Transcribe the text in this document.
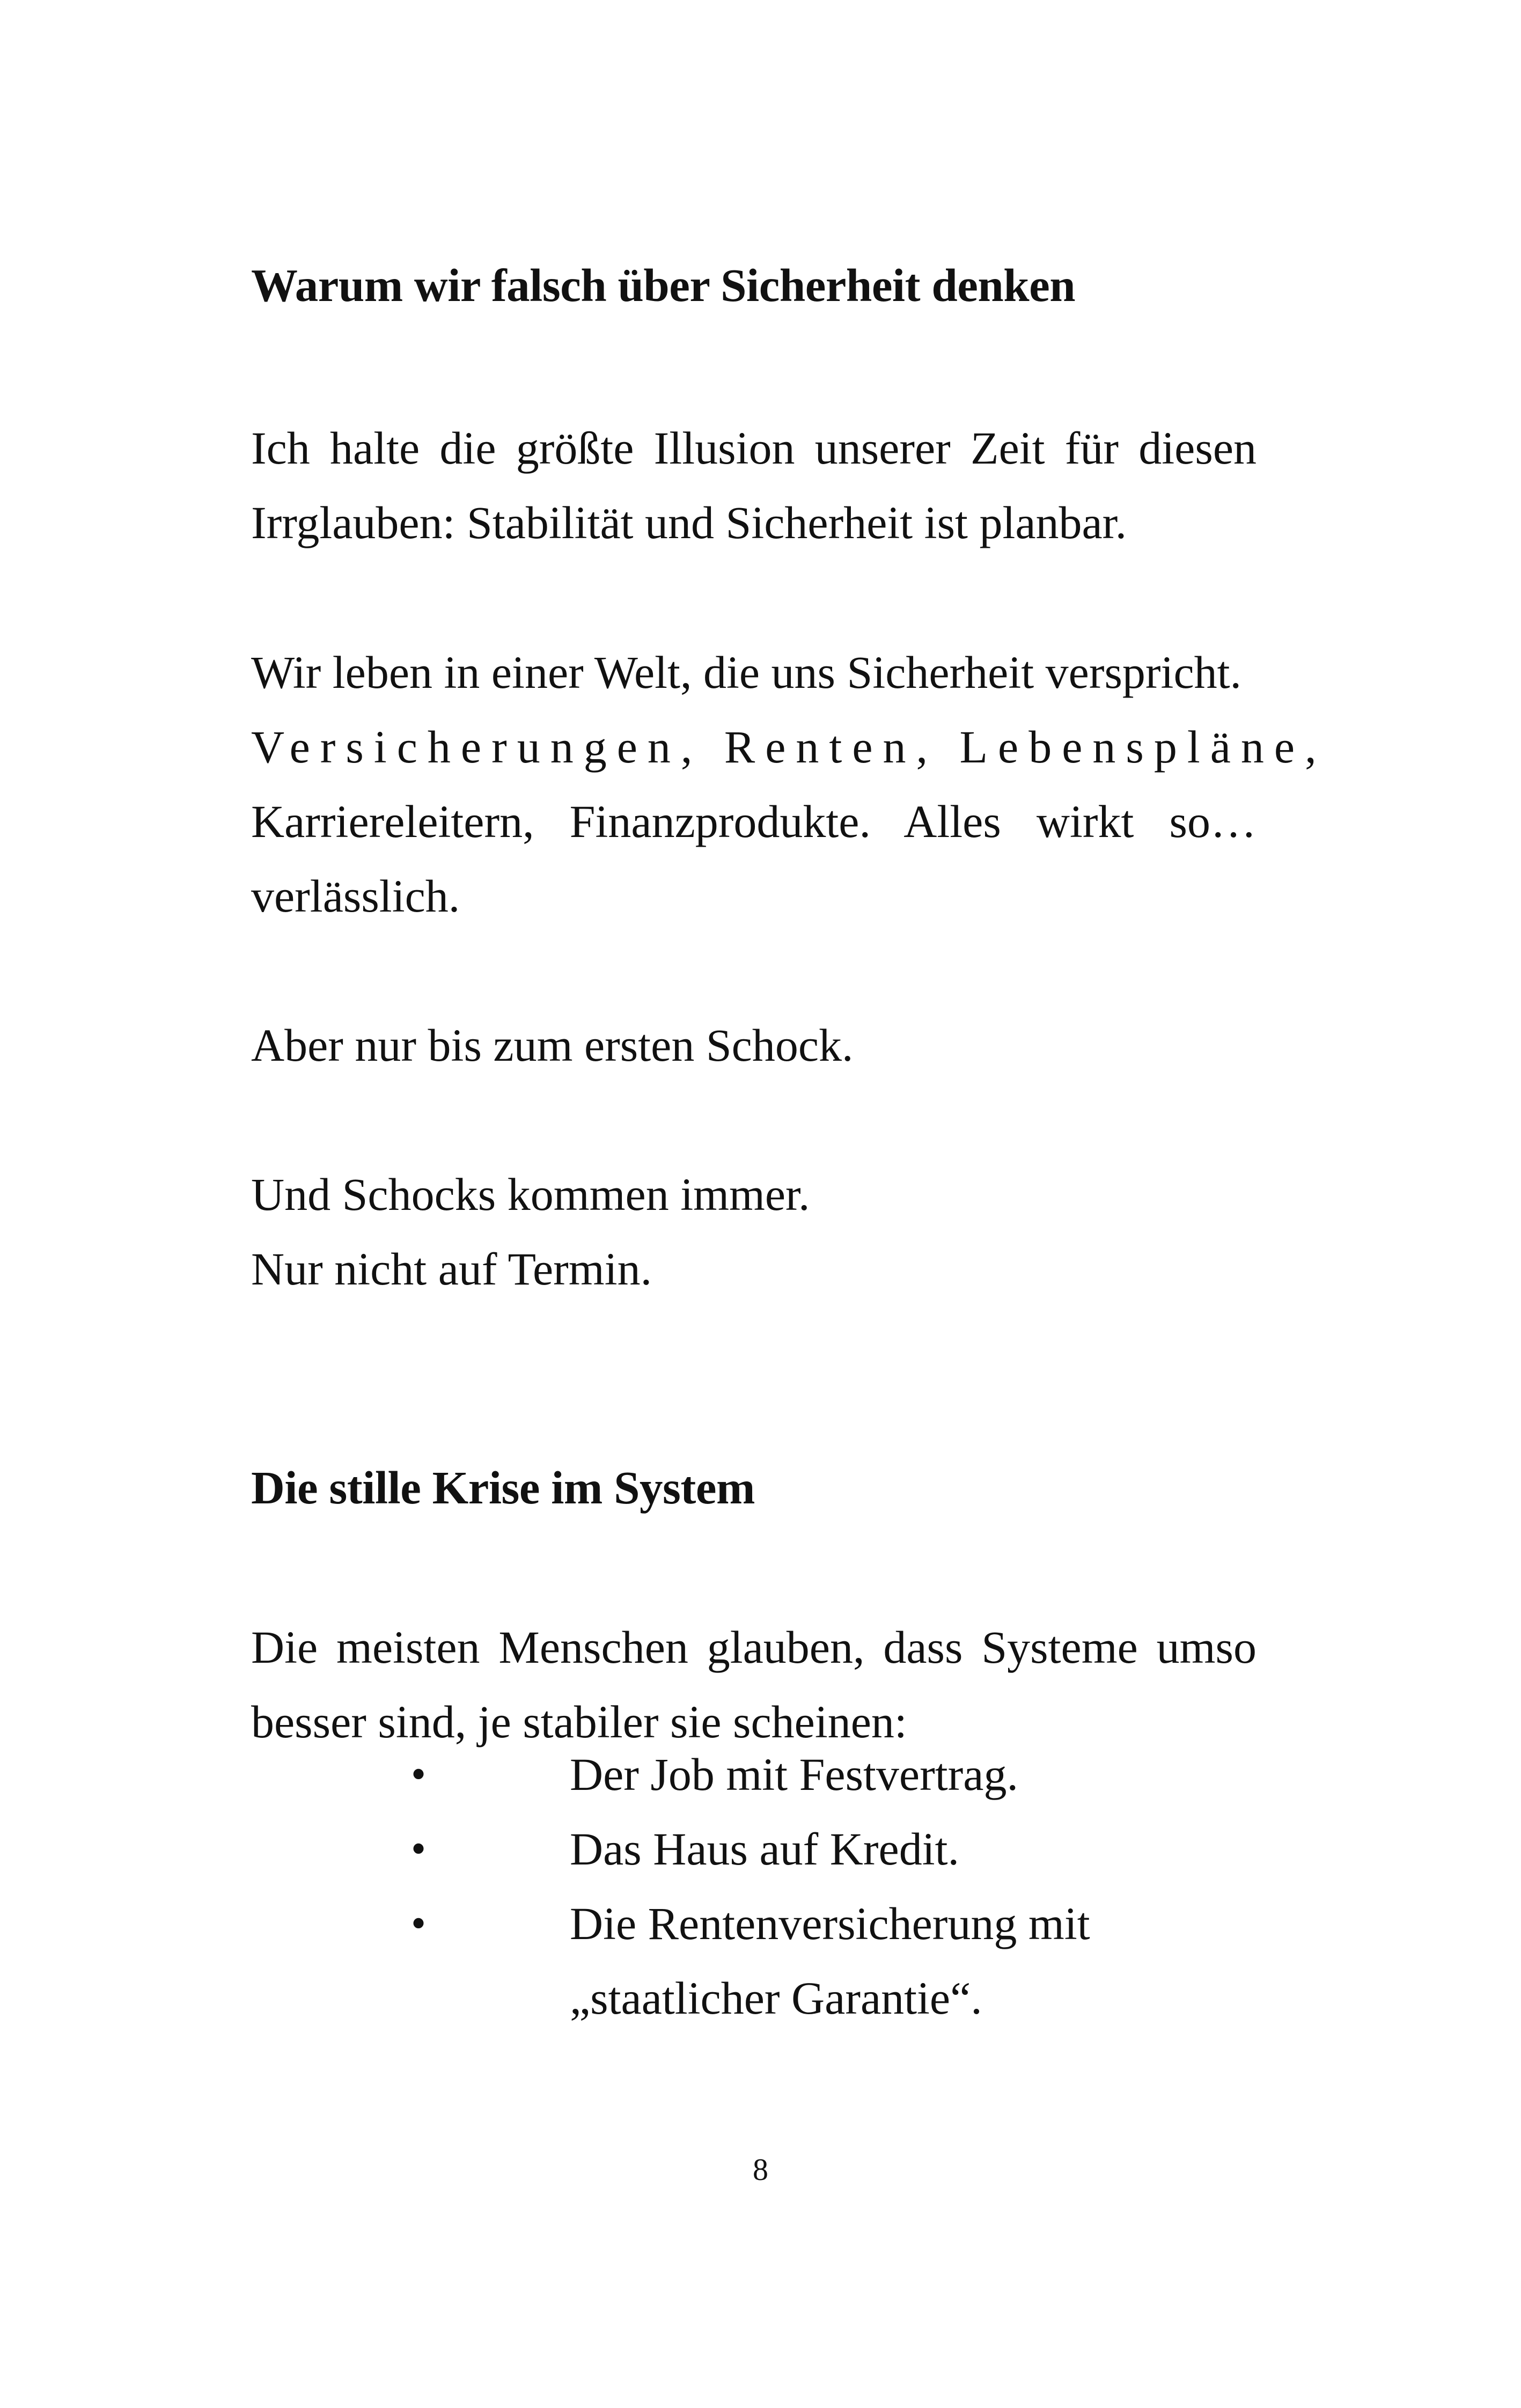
Warum wir falsch über Sicherheit denken

Ich halte die größte Illusion unserer Zeit für diesen
Irrglauben: Stabilität und Sicherheit ist planbar.

Wir leben in einer Welt, die uns Sicherheit verspricht.
Versicherungen, Renten, Lebenspläne,
Karriereleitern, Finanzprodukte. Alles wirkt so…
verlässlich.

Aber nur bis zum ersten Schock.

Und Schocks kommen immer.
Nur nicht auf Termin.

Die stille Krise im System

Die meisten Menschen glauben, dass Systeme umso
besser sind, je stabiler sie scheinen:

•	Der Job mit Festvertrag.
•	Das Haus auf Kredit.
•	Die Rentenversicherung mit „staatlicher Garantie“.
8
